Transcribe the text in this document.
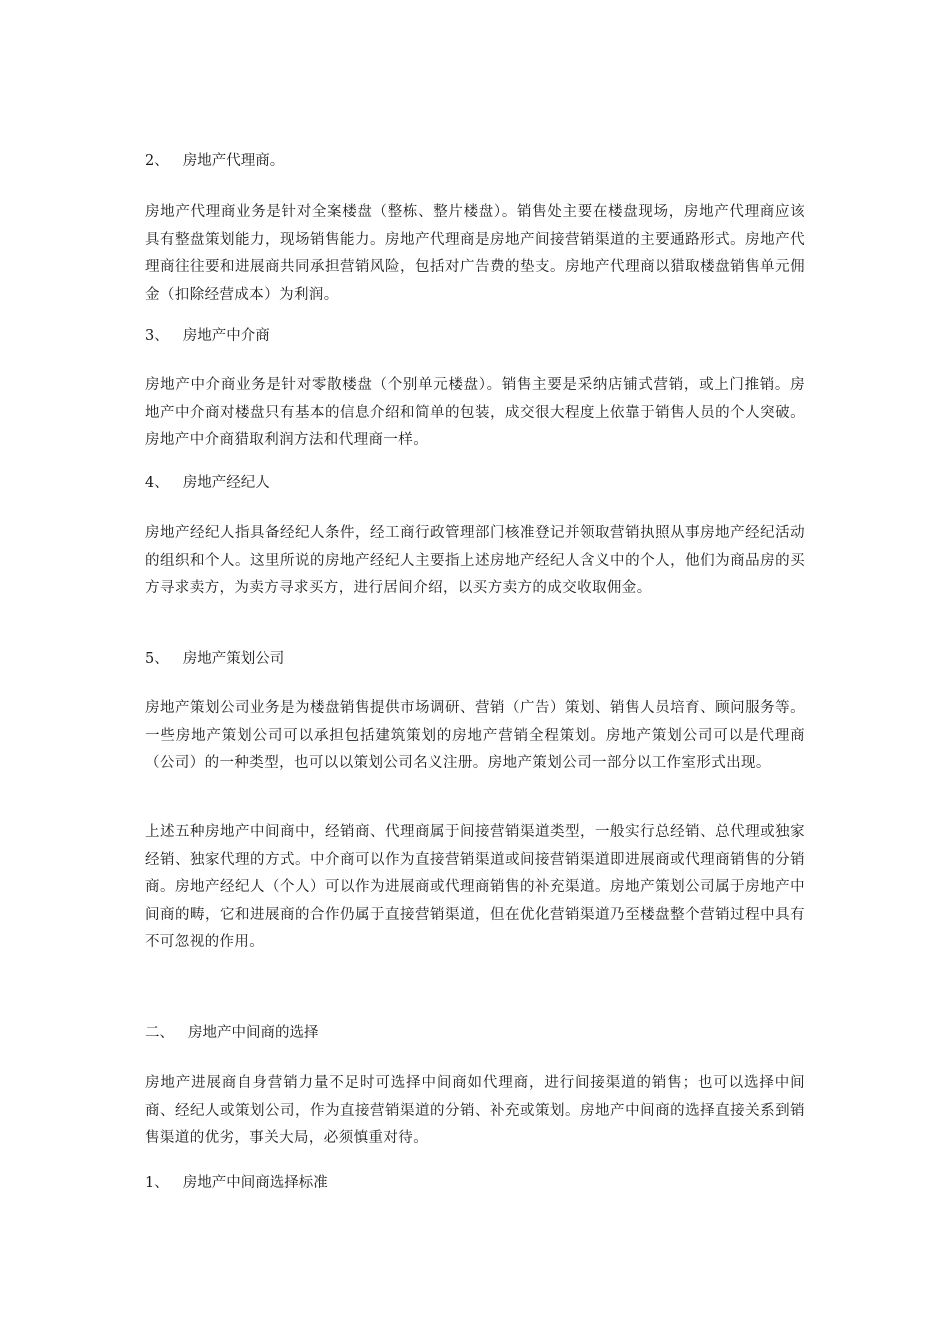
2、 房地产代理商。
房地产代理商业务是针对全案楼盘（整栋、整片楼盘）。销售处主要在楼盘现场，房地产代理商应该具有整盘策划能力，现场销售能力。房地产代理商是房地产间接营销渠道的主要通路形式。房地产代理商往往要和进展商共同承担营销风险，包括对广告费的垫支。房地产代理商以猎取楼盘销售单元佣金（扣除经营成本）为利润。
3、 房地产中介商
房地产中介商业务是针对零散楼盘（个别单元楼盘）。销售主要是采纳店铺式营销，或上门推销。房地产中介商对楼盘只有基本的信息介绍和简单的包装，成交很大程度上依靠于销售人员的个人突破。房地产中介商猎取利润方法和代理商一样。
4、 房地产经纪人
房地产经纪人指具备经纪人条件，经工商行政管理部门核准登记并领取营销执照从事房地产经纪活动的组织和个人。这里所说的房地产经纪人主要指上述房地产经纪人含义中的个人，他们为商品房的买方寻求卖方，为卖方寻求买方，进行居间介绍，以买方卖方的成交收取佣金。
5、 房地产策划公司
房地产策划公司业务是为楼盘销售提供市场调研、营销（广告）策划、销售人员培育、顾问服务等。一些房地产策划公司可以承担包括建筑策划的房地产营销全程策划。房地产策划公司可以是代理商（公司）的一种类型，也可以以策划公司名义注册。房地产策划公司一部分以工作室形式出现。
上述五种房地产中间商中，经销商、代理商属于间接营销渠道类型，一般实行总经销、总代理或独家经销、独家代理的方式。中介商可以作为直接营销渠道或间接营销渠道即进展商或代理商销售的分销商。房地产经纪人（个人）可以作为进展商或代理商销售的补充渠道。房地产策划公司属于房地产中间商的畴，它和进展商的合作仍属于直接营销渠道，但在优化营销渠道乃至楼盘整个营销过程中具有不可忽视的作用。
二、 房地产中间商的选择
房地产进展商自身营销力量不足时可选择中间商如代理商，进行间接渠道的销售；也可以选择中间商、经纪人或策划公司，作为直接营销渠道的分销、补充或策划。房地产中间商的选择直接关系到销售渠道的优劣，事关大局，必须慎重对待。
1、 房地产中间商选择标准
